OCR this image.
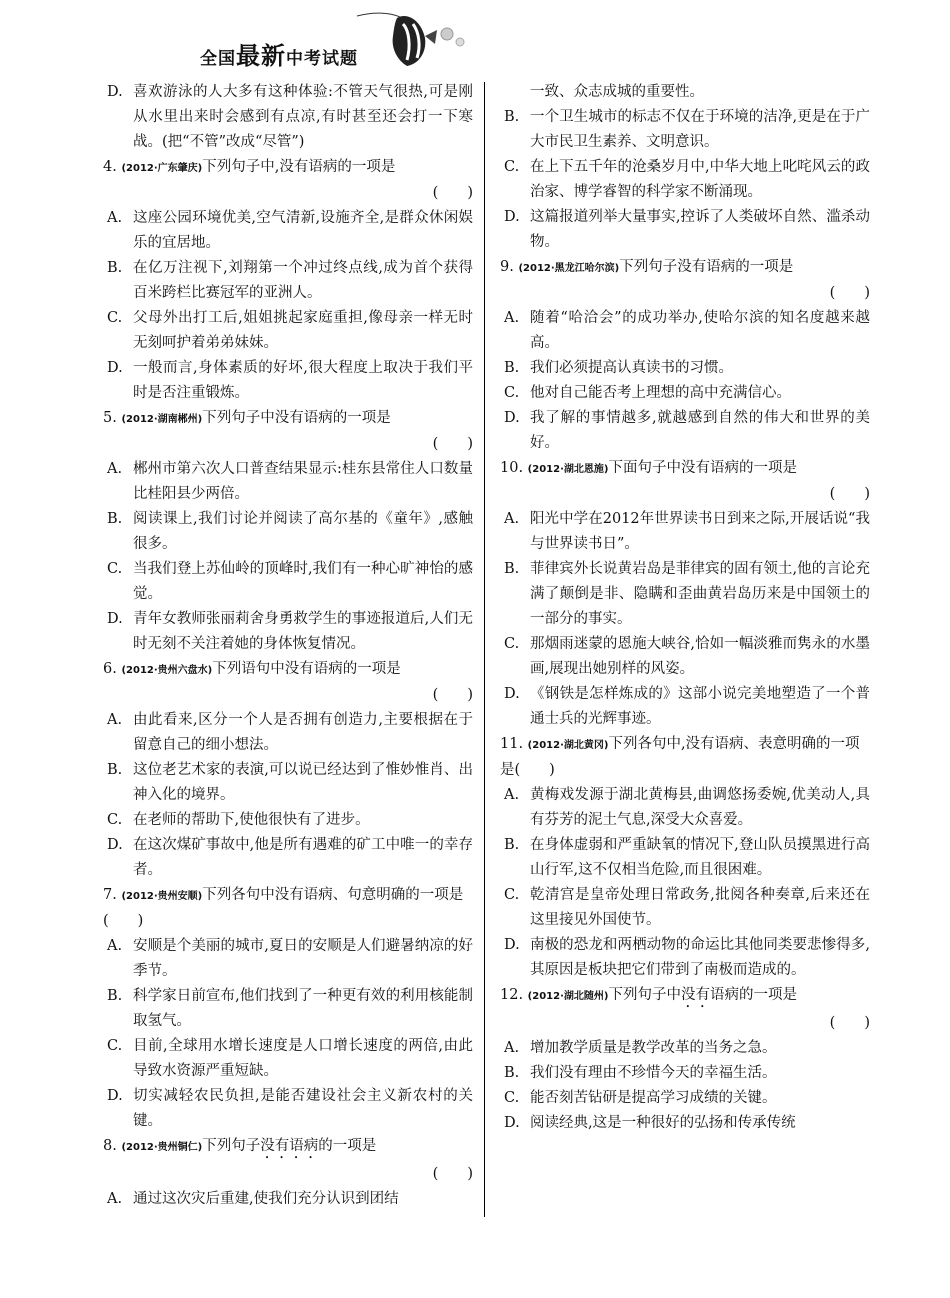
全国最新中考试题
D. 喜欢游泳的人大多有这种体验:不管天气很热,可是刚从水里出来时会感到有点凉,有时甚至还会打一下寒战。(把“不管”改成“尽管”)
4. (2012·广东肇庆)下列句子中,没有语病的一项是
(　　)
A. 这座公园环境优美,空气清新,设施齐全,是群众休闲娱乐的宜居地。
B. 在亿万注视下,刘翔第一个冲过终点线,成为首个获得百米跨栏比赛冠军的亚洲人。
C. 父母外出打工后,姐姐挑起家庭重担,像母亲一样无时无刻呵护着弟弟妹妹。
D. 一般而言,身体素质的好坏,很大程度上取决于我们平时是否注重锻炼。
5. (2012·湖南郴州)下列句子中没有语病的一项是
(　　)
A. 郴州市第六次人口普查结果显示:桂东县常住人口数量比桂阳县少两倍。
B. 阅读课上,我们讨论并阅读了高尔基的《童年》,感触很多。
C. 当我们登上苏仙岭的顶峰时,我们有一种心旷神怡的感觉。
D. 青年女教师张丽莉舍身勇救学生的事迹报道后,人们无时无刻不关注着她的身体恢复情况。
6. (2012·贵州六盘水)下列语句中没有语病的一项是
(　　)
A. 由此看来,区分一个人是否拥有创造力,主要根据在于留意自己的细小想法。
B. 这位老艺术家的表演,可以说已经达到了惟妙惟肖、出神入化的境界。
C. 在老师的帮助下,使他很快有了进步。
D. 在这次煤矿事故中,他是所有遇难的矿工中唯一的幸存者。
7. (2012·贵州安顺)下列各句中没有语病、句意明确的一项是(　　)
A. 安顺是个美丽的城市,夏日的安顺是人们避暑纳凉的好季节。
B. 科学家日前宣布,他们找到了一种更有效的利用核能制取氢气。
C. 目前,全球用水增长速度是人口增长速度的两倍,由此导致水资源严重短缺。
D. 切实减轻农民负担,是能否建设社会主义新农村的关键。
8. (2012·贵州铜仁)下列句子没有语病的一项是
(　　)
A. 通过这次灾后重建,使我们充分认识到团结
一致、众志成城的重要性。
B. 一个卫生城市的标志不仅在于环境的洁净,更是在于广大市民卫生素养、文明意识。
C. 在上下五千年的沧桑岁月中,中华大地上叱咤风云的政治家、博学睿智的科学家不断涌现。
D. 这篇报道列举大量事实,控诉了人类破坏自然、滥杀动物。
9. (2012·黑龙江哈尔滨)下列句子没有语病的一项是
(　　)
A. 随着“哈洽会”的成功举办,使哈尔滨的知名度越来越高。
B. 我们必须提高认真读书的习惯。
C. 他对自己能否考上理想的高中充满信心。
D. 我了解的事情越多,就越感到自然的伟大和世界的美好。
10. (2012·湖北恩施)下面句子中没有语病的一项是
(　　)
A. 阳光中学在2012年世界读书日到来之际,开展话说“我与世界读书日”。
B. 菲律宾外长说黄岩岛是菲律宾的固有领土,他的言论充满了颠倒是非、隐瞒和歪曲黄岩岛历来是中国领土的一部分的事实。
C. 那烟雨迷蒙的恩施大峡谷,恰如一幅淡雅而隽永的水墨画,展现出她别样的风姿。
D. 《钢铁是怎样炼成的》这部小说完美地塑造了一个普通士兵的光辉事迹。
11. (2012·湖北黄冈)下列各句中,没有语病、表意明确的一项是(　　)
A. 黄梅戏发源于湖北黄梅县,曲调悠扬委婉,优美动人,具有芬芳的泥土气息,深受大众喜爱。
B. 在身体虚弱和严重缺氧的情况下,登山队员摸黑进行高山行军,这不仅相当危险,而且很困难。
C. 乾清宫是皇帝处理日常政务,批阅各种奏章,后来还在这里接见外国使节。
D. 南极的恐龙和两栖动物的命运比其他同类要悲惨得多,其原因是板块把它们带到了南极而造成的。
12. (2012·湖北随州)下列句子中没有语病的一项是
(　　)
A. 增加教学质量是教学改革的当务之急。
B. 我们没有理由不珍惜今天的幸福生活。
C. 能否刻苦钻研是提高学习成绩的关键。
D. 阅读经典,这是一种很好的弘扬和传承传统
